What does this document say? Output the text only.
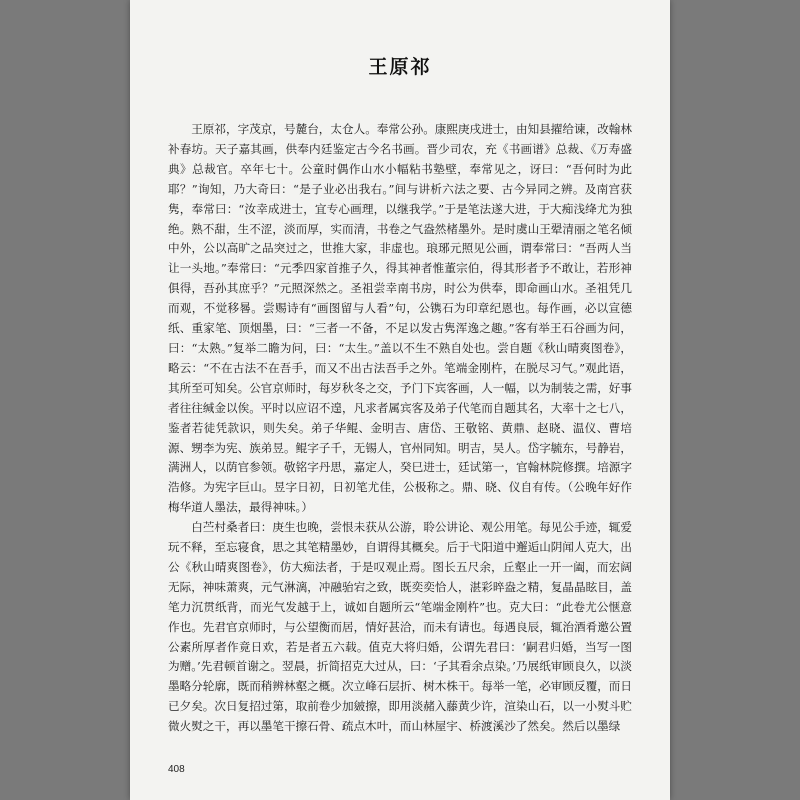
王原祁

王原祁，字茂京，号麓台，太仓人。奉常公孙。康熙庚戌进士，由知县擢给谏，改翰林补春坊。天子嘉其画，供奉内廷鉴定古今名书画。晋少司农，充《书画谱》总裁、《万寿盛典》总裁官。卒年七十。公童时偶作山水小幅粘书塾壁，奉常见之，讶曰：“吾何时为此耶？”询知，乃大奇曰：“是子业必出我右。”间与讲析六法之要、古今异同之辨。及南宫获隽，奉常曰：“汝幸成进士，宜专心画理，以继我学。”于是笔法遂大进，于大痴浅绛尤为独绝。熟不甜，生不涩，淡而厚，实而清，书卷之气盎然楮墨外。是时虞山王翚清丽之笔名倾中外，公以高旷之品突过之，世推大家，非虚也。琅琊元照见公画，谓奉常曰：“吾两人当让一头地。”奉常曰：“元季四家首推子久，得其神者惟董宗伯，得其形者予不敢让，若形神俱得，吾孙其庶乎？”元照深然之。圣祖尝幸南书房，时公为供奉，即命画山水。圣祖凭几而观，不觉移晷。尝赐诗有“画图留与人看”句，公镌石为印章纪恩也。每作画，必以宣德纸、重家笔、顶烟墨，曰：“三者一不备，不足以发古隽浑逸之趣。”客有举王石谷画为问，曰：“太熟。”复举二瞻为问，曰：“太生。”盖以不生不熟自处也。尝自题《秋山晴爽图卷》，略云：“不在古法不在吾手，而又不出古法吾手之外。笔端金刚杵，在脱尽习气。”观此语，其所至可知矣。公官京师时，每岁秋冬之交，予门下宾客画，人一幅，以为制装之需，好事者往往缄金以俟。平时以应诏不遑，凡求者属宾客及弟子代笔而自题其名，大率十之七八，鉴者若徒凭款识，则失矣。弟子华鲲、金明吉、唐岱、王敬铭、黄鼎、赵晓、温仪、曹培源、甥李为宪、族弟昱。鲲字子千，无锡人，官州同知。明吉，吴人。岱字毓东，号静岩，满洲人，以荫官参领。敬铭字丹思，嘉定人，癸巳进士，廷试第一，官翰林院修撰。培源字浩修。为宪字巨山。昱字日初，日初笔尤佳，公极称之。鼎、晓、仪自有传。（公晚年好作梅华道人墨法，最得神味。）

白苎村桑者曰：庚生也晚，尝恨未获从公游，聆公讲论、观公用笔。每见公手迹，辄爱玩不释，至忘寝食，思之其笔精墨妙，自谓得其概矣。后于弋阳道中邂逅山阴闻人克大，出公《秋山晴爽图卷》，仿大痴法者，于是叹观止焉。图长五尺余，丘壑止一开一阖，而宏阔无际，神味萧爽，元气淋漓，冲融骀宕之致，既奕奕恰人，湛彩晬盎之精，复晶晶眩目，盖笔力沉贯纸背，而光气发越于上，诚如自题所云“笔端金刚杵”也。克大曰：“此卷尤公惬意作也。先君官京师时，与公望衡而居，情好甚洽，而未有请也。每遇良辰，辄治酒肴邀公置公素所厚者作竟日欢，若是者五六载。值克大将归婚，公谓先君曰：‘嗣君归婚，当写一图为赠。’先君顿首谢之。翌晨，折简招克大过从，曰：‘子其看余点染。’乃展纸审顾良久，以淡墨略分轮廓，既而稍辨林壑之概。次立峰石层折、树木株干。每举一笔，必审顾反覆，而日已夕矣。次日复招过第，取前卷少加皴擦，即用淡赭入藤黄少许，渲染山石，以一小熨斗贮微火熨之干，再以墨笔干擦石骨、疏点木叶，而山林屋宇、桥渡溪沙了然矣。然后以墨绿

408
